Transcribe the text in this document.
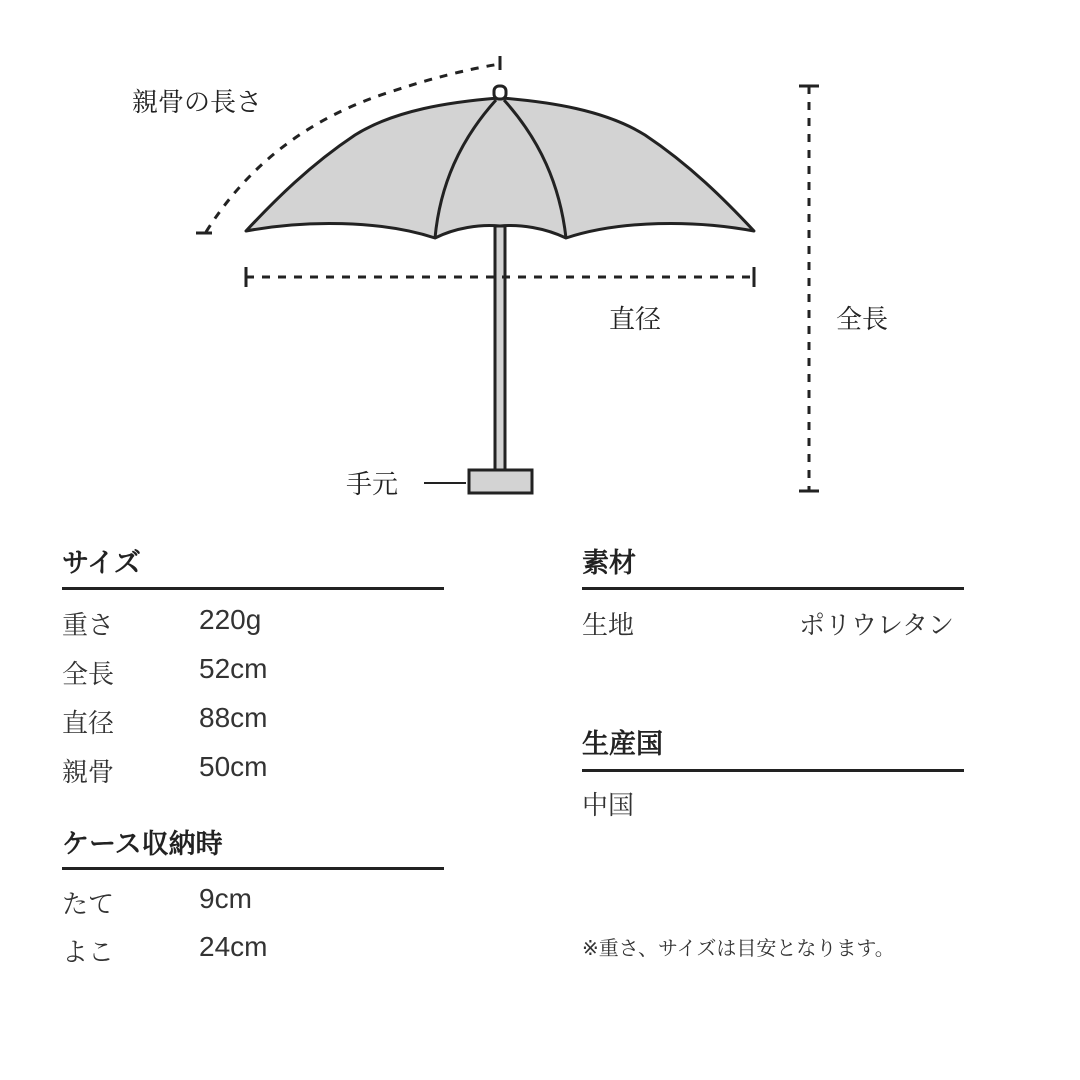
親骨の長さ
直径	全長
手元
サイズ
重さ	220g
全長	52cm
直径	88cm
親骨	50cm
ケース収納時
たて	9cm
よこ	24cm
素材
生地	ポリウレタン
生産国
中国
※重さ、サイズは目安となります。
